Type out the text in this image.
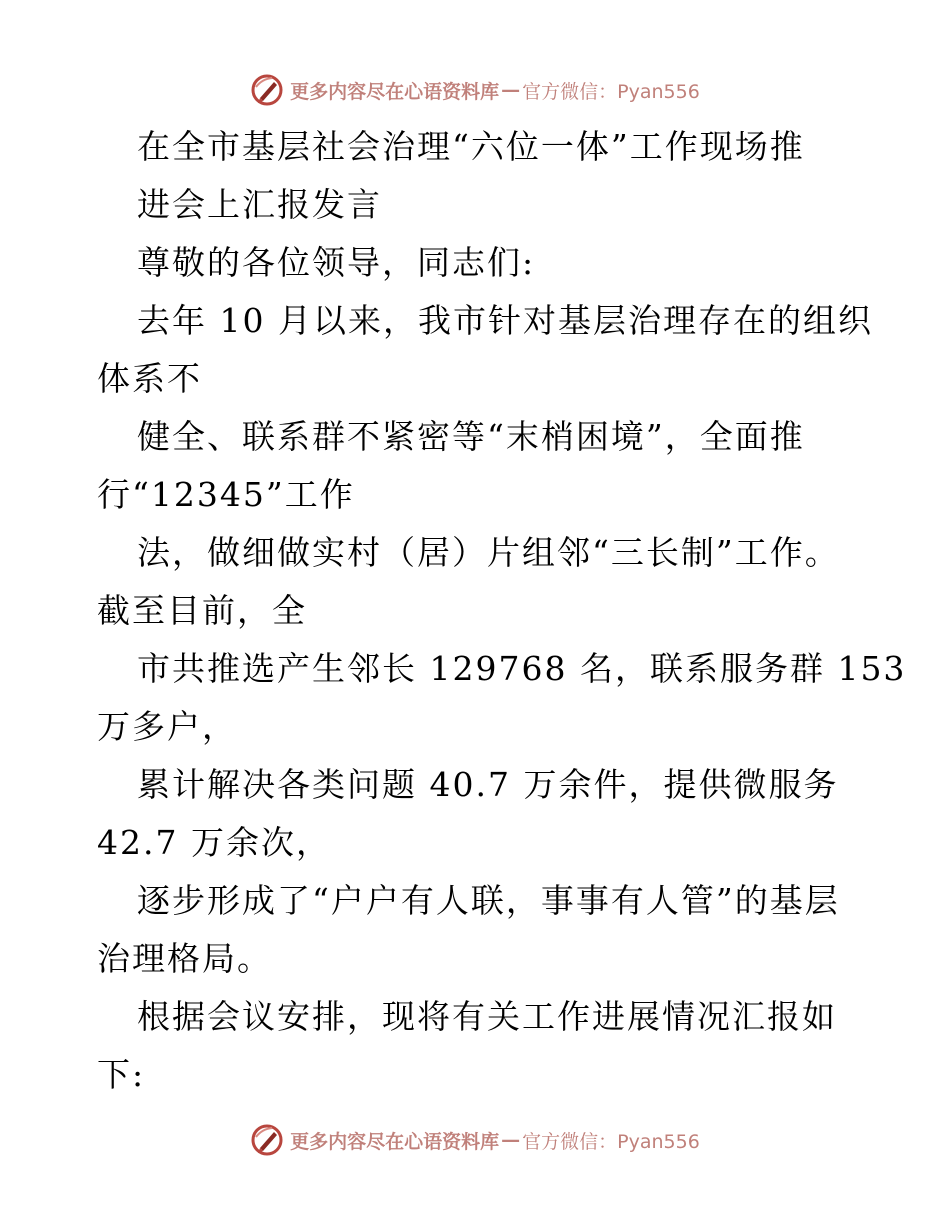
更多内容尽在心语资料库 — 官方微信：Pyan556
在全市基层社会治理“六位一体”工作现场推
进会上汇报发言
尊敬的各位领导，同志们:
去年 10 月以来，我市针对基层治理存在的组织
体系不
健全、联系群不紧密等“末梢困境”，全面推
行“12345”工作
法，做细做实村（居）片组邻“三长制”工作。
截至目前，全
市共推选产生邻长 129768 名，联系服务群 153
万多户，
累计解决各类问题 40.7 万余件，提供微服务
42.7 万余次，
逐步形成了“户户有人联，事事有人管”的基层
治理格局。
根据会议安排，现将有关工作进展情况汇报如
下:
更多内容尽在心语资料库 — 官方微信：Pyan556
